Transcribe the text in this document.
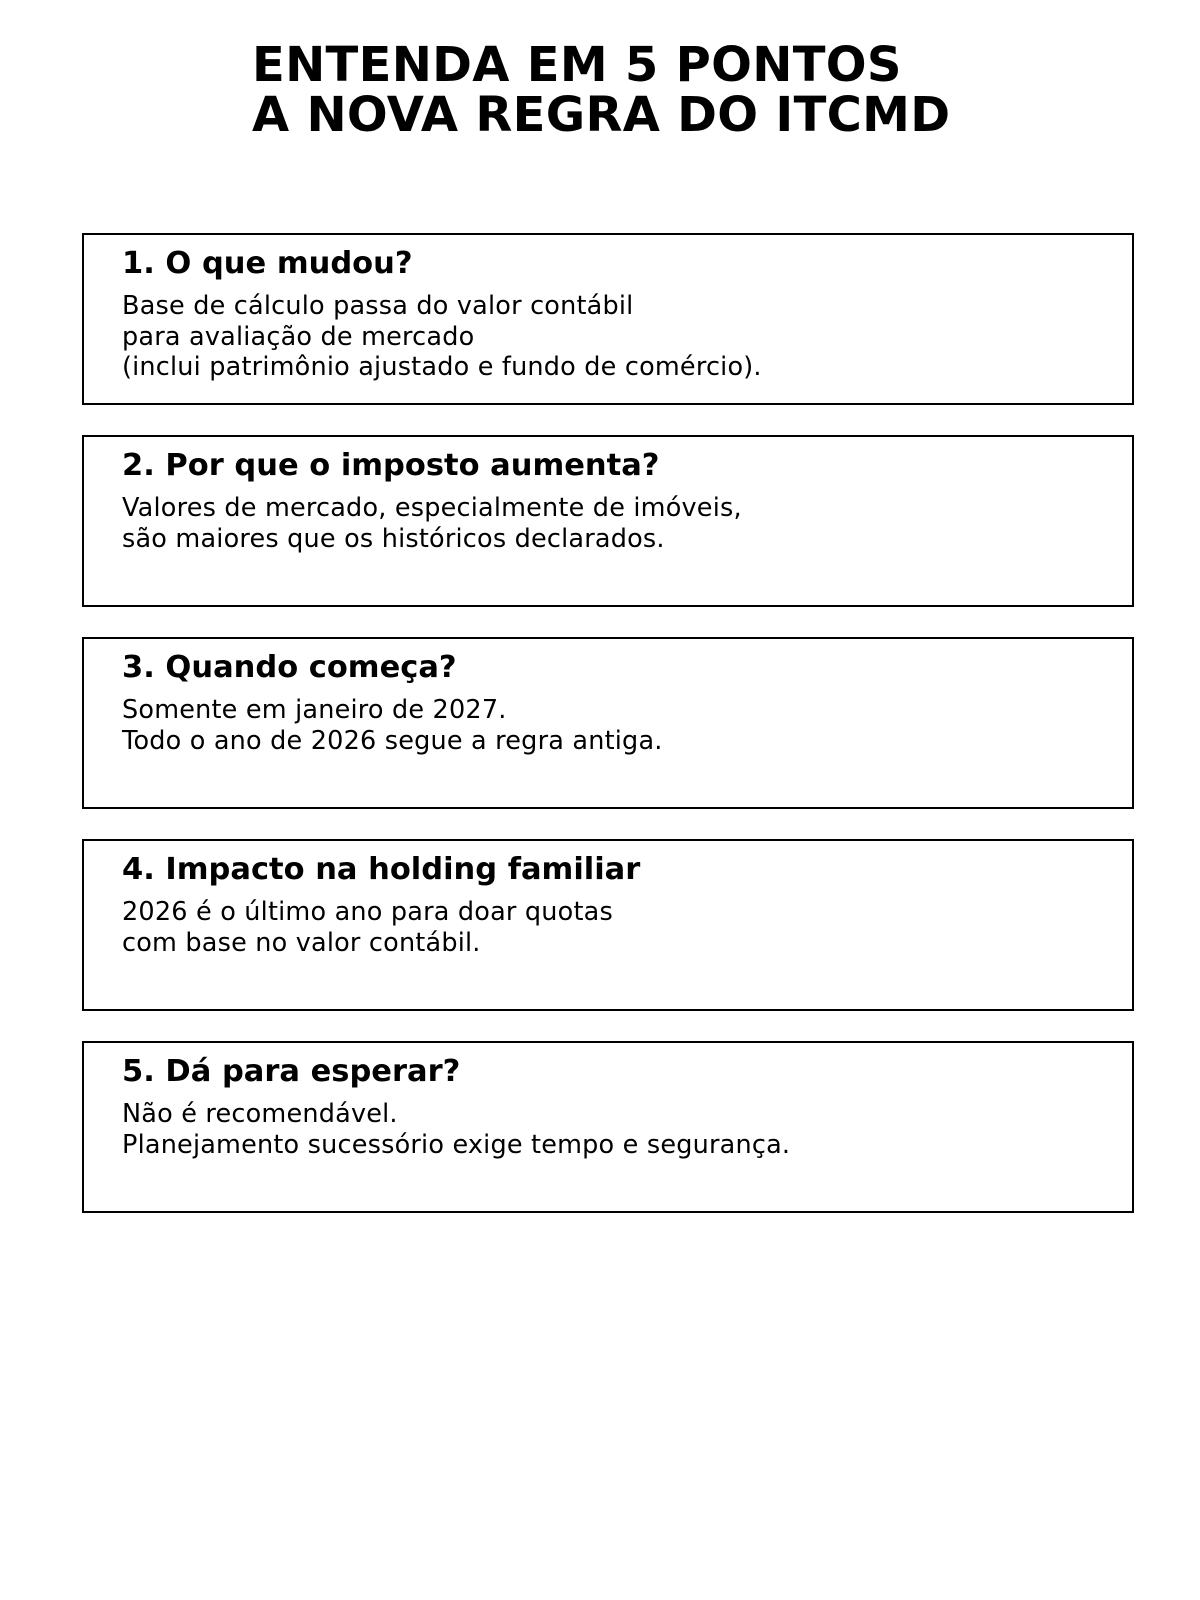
ENTENDA EM 5 PONTOS
A NOVA REGRA DO ITCMD
1. O que mudou?

Base de cálculo passa do valor contábil
para avaliação de mercado
(inclui patrimônio ajustado e fundo de comércio).

2. Por que o imposto aumenta?

Valores de mercado, especialmente de imóveis,
são maiores que os históricos declarados.

3. Quando começa?

Somente em janeiro de 2027.
Todo o ano de 2026 segue a regra antiga.

4. Impacto na holding familiar

2026 é o último ano para doar quotas
com base no valor contábil.

5. Dá para esperar?

Não é recomendável.
Planejamento sucessório exige tempo e segurança.
